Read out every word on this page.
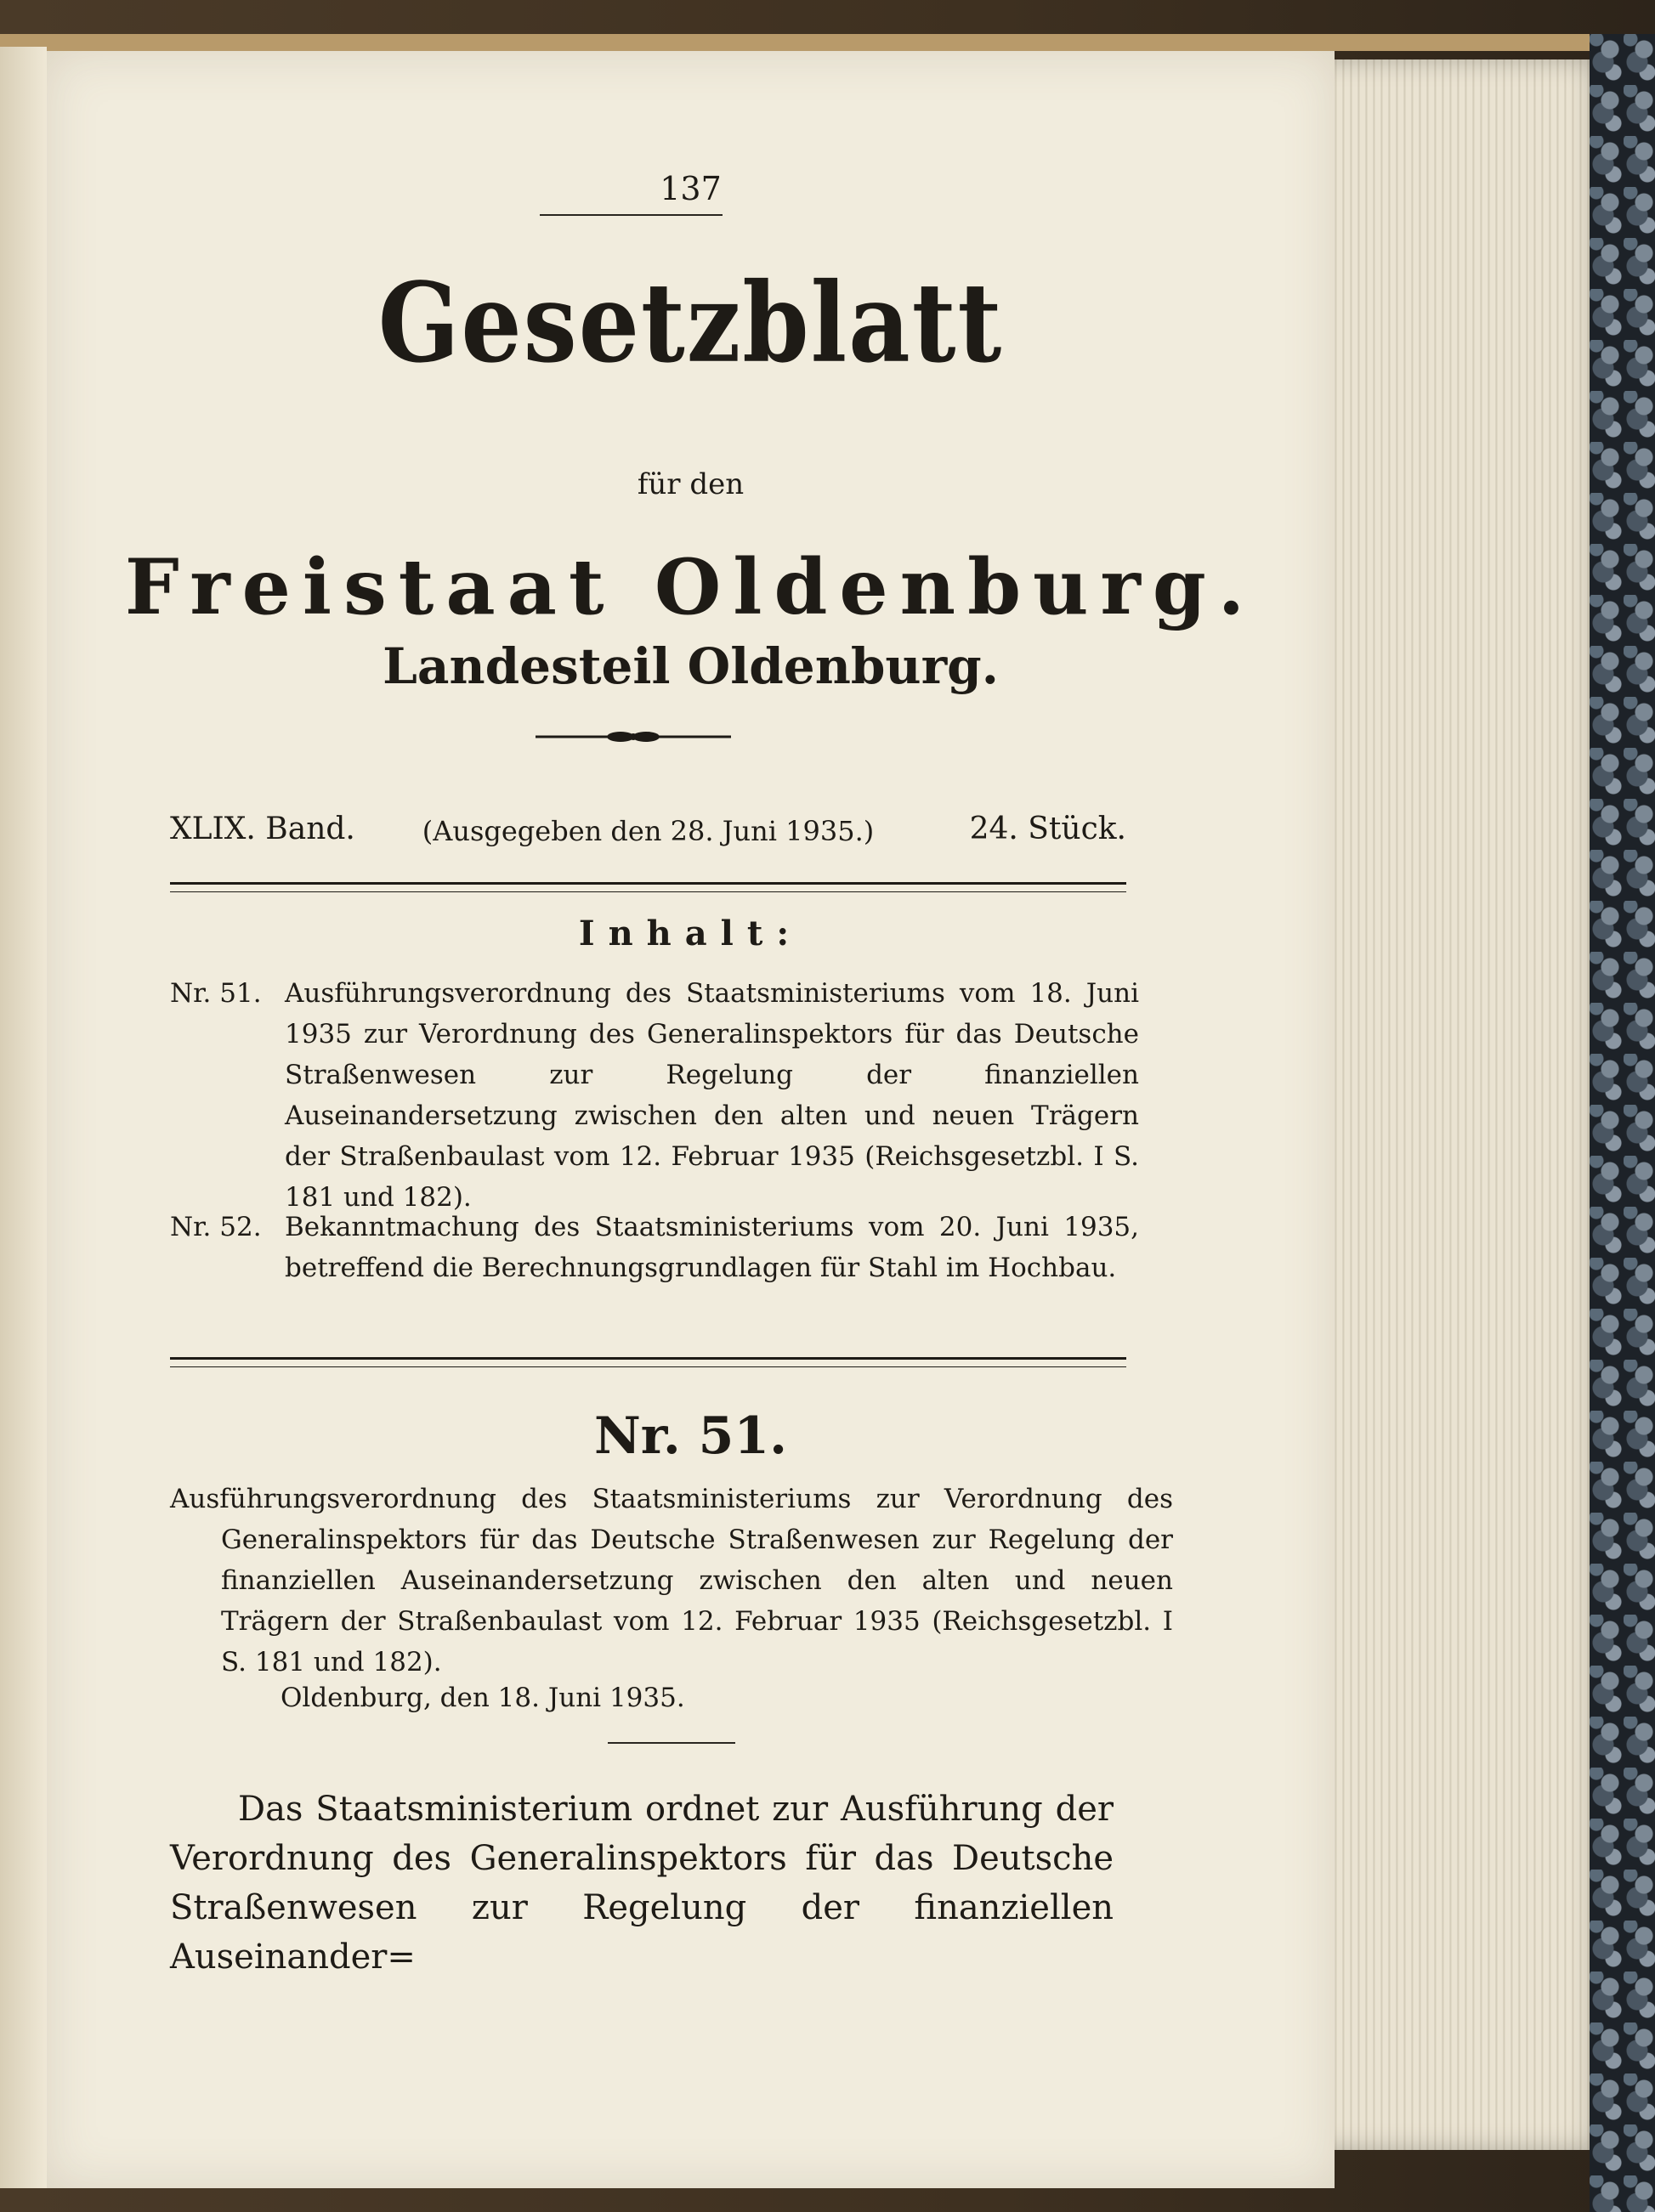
137
Gesetzblatt
für den
Freistaat Oldenburg.
Landesteil Oldenburg.
XLIX. Band.	(Ausgegeben den 28. Juni 1935.)	24. Stück.
Inhalt:
Nr. 51. Ausführungsverordnung des Staatsministeriums vom 18. Juni 1935 zur Verordnung des Generalinspektors für das Deutsche Straßenwesen zur Regelung der finanziellen Auseinandersetzung zwischen den alten und neuen Trägern der Straßenbaulast vom 12. Februar 1935 (Reichsgesetzbl. I S. 181 und 182).
Nr. 52. Bekanntmachung des Staatsministeriums vom 20. Juni 1935, betreffend die Berechnungsgrundlagen für Stahl im Hochbau.
Nr. 51.
Ausführungsverordnung des Staatsministeriums zur Verordnung des Generalinspektors für das Deutsche Straßenwesen zur Regelung der finanziellen Auseinandersetzung zwischen den alten und neuen Trägern der Straßenbaulast vom 12. Februar 1935 (Reichsgesetzbl. I S. 181 und 182).
Oldenburg, den 18. Juni 1935.
Das Staatsministerium ordnet zur Ausführung der Verordnung des Generalinspektors für das Deutsche Straßenwesen zur Regelung der finanziellen Auseinander=
